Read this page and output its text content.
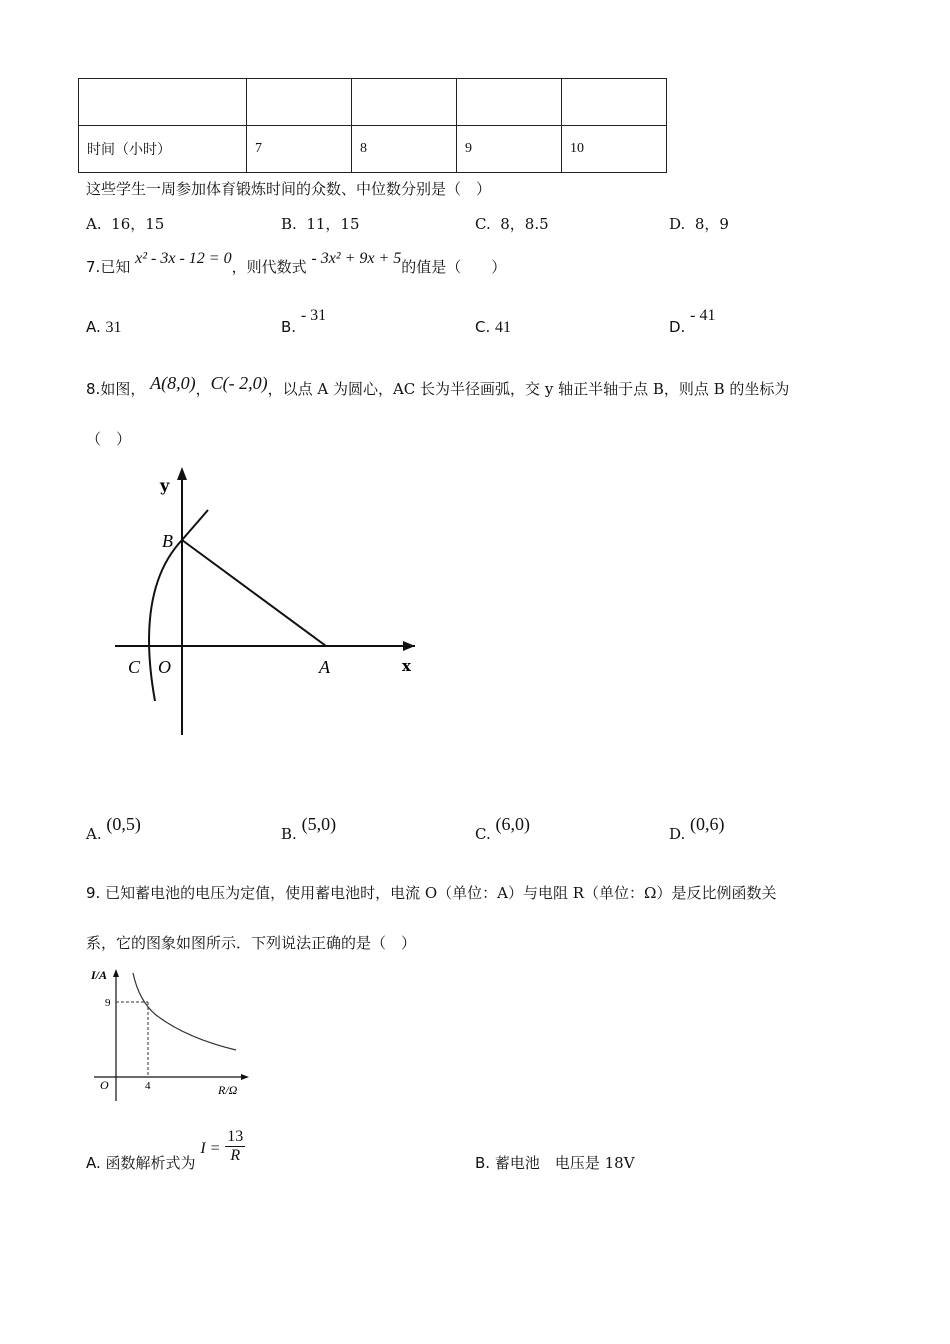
时间（小时）	7	8	9	10
这些学生一周参加体育锻炼时间的众数、中位数分别是（　）
A. 16，15	B. 11，15	C. 8，8.5	D. 8，9
7.已知 x² - 3x - 12 = 0，则代数式 - 3x² + 9x + 5的值是（　　）
A. 31	B. - 31
C. 41	D. - 41
8.如图， A(8,0)，C(- 2,0)，以点 A 为圆心，AC 长为半径画弧，交 y 轴正半轴于点 B，则点 B 的坐标为
（　）
y
B
C O	A	x
A. (0,5)	B. (5,0)	C. (6,0)	D. (0,6)
9. 已知蓄电池的电压为定值，使用蓄电池时，电流 O（单位：A）与电阻 R（单位：Ω）是反比例函数关
系，它的图象如图所示．下列说法正确的是（　）
I/A
9
O	4	R/Ω
A. 函数解析式为 $I = \frac{13}{R}$	B. 蓄电池　电压是 18V
